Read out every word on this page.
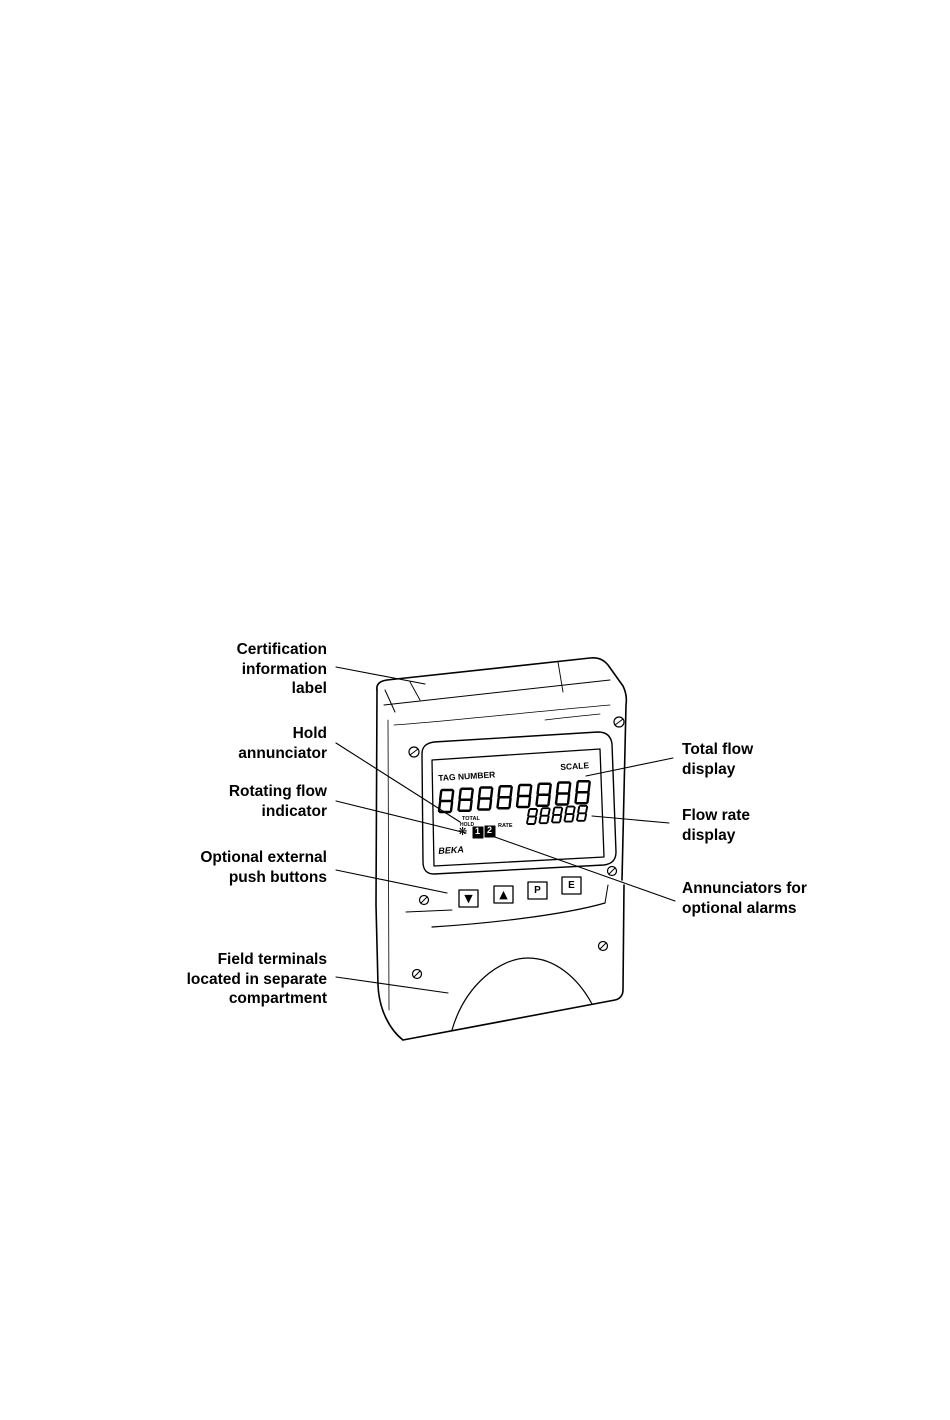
TAG NUMBER
SCALE
TOTAL
HOLD	RATE
❋ 1 2
BEKA
▼	▲	P	E
Certification
information
label
Hold
annunciator
Rotating flow
indicator
Optional external
push buttons
Field terminals
located in separate
compartment
Total flow
display
Flow rate
display
Annunciators for
optional alarms
